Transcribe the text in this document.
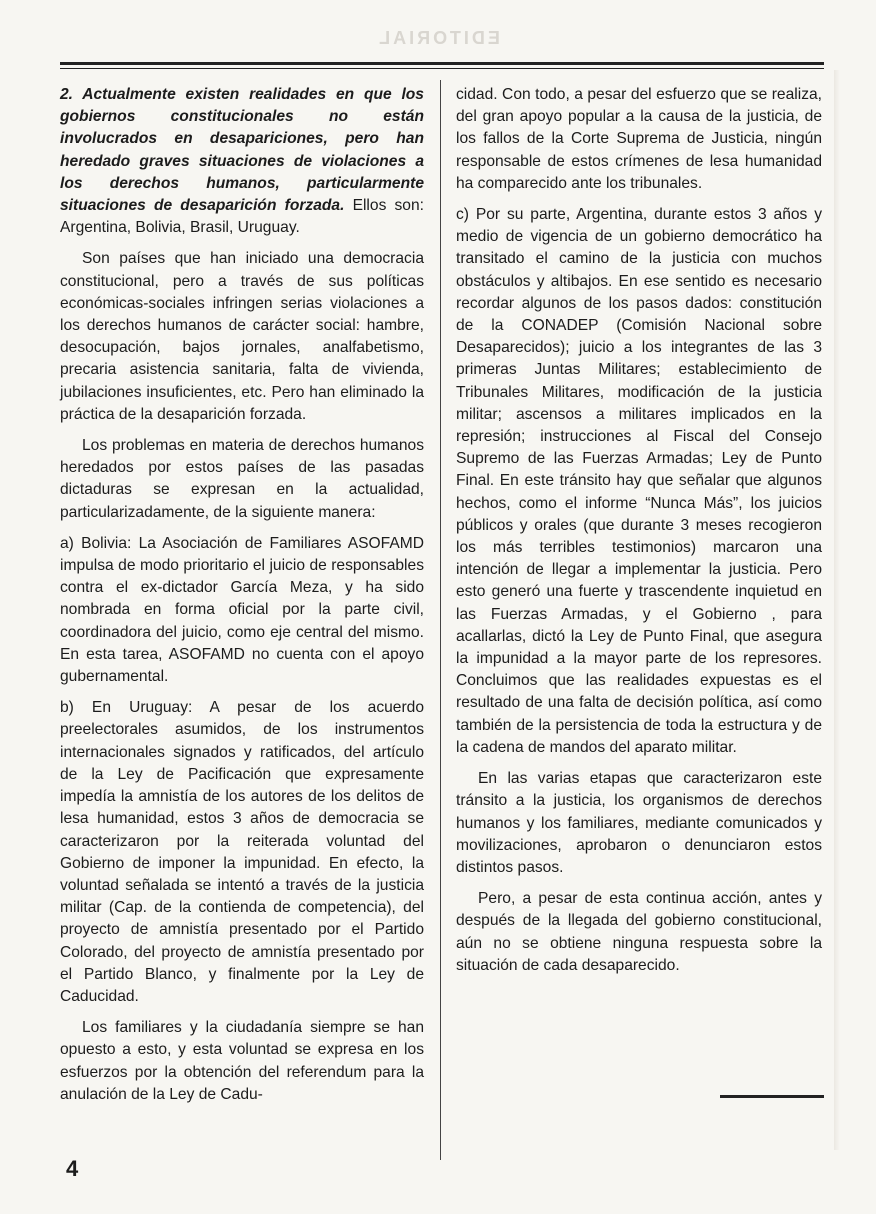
EDITORIAL

2. Actualmente existen realidades en que los gobiernos constitucionales no están involucrados en desapariciones, pero han heredado graves situaciones de violaciones a los derechos humanos, particularmente situaciones de desaparición forzada. Ellos son: Argentina, Bolivia, Brasil, Uruguay.

Son países que han iniciado una democracia constitucional, pero a través de sus políticas económicas-sociales infringen serias violaciones a los derechos humanos de carácter social: hambre, desocupación, bajos jornales, analfabetismo, precaria asistencia sanitaria, falta de vivienda, jubilaciones insuficientes, etc. Pero han eliminado la práctica de la desaparición forzada.

Los problemas en materia de derechos humanos heredados por estos países de las pasadas dictaduras se expresan en la actualidad, particularizadamente, de la siguiente manera:

a) Bolivia: La Asociación de Familiares ASOFAMD impulsa de modo prioritario el juicio de responsables contra el ex-dictador García Meza, y ha sido nombrada en forma oficial por la parte civil, coordinadora del juicio, como eje central del mismo. En esta tarea, ASOFAMD no cuenta con el apoyo gubernamental.

b) En Uruguay: A pesar de los acuerdo preelectorales asumidos, de los instrumentos internacionales signados y ratificados, del artículo de la Ley de Pacificación que expresamente impedía la amnistía de los autores de los delitos de lesa humanidad, estos 3 años de democracia se caracterizaron por la reiterada voluntad del Gobierno de imponer la impunidad. En efecto, la voluntad señalada se intentó a través de la justicia militar (Cap. de la contienda de competencia), del proyecto de amnistía presentado por el Partido Colorado, del proyecto de amnistía presentado por el Partido Blanco, y finalmente por la Ley de Caducidad.

Los familiares y la ciudadanía siempre se han opuesto a esto, y esta voluntad se expresa en los esfuerzos por la obtención del referendum para la anulación de la Ley de Cadu-

cidad. Con todo, a pesar del esfuerzo que se realiza, del gran apoyo popular a la causa de la justicia, de los fallos de la Corte Suprema de Justicia, ningún responsable de estos crímenes de lesa humanidad ha comparecido ante los tribunales.

c) Por su parte, Argentina, durante estos 3 años y medio de vigencia de un gobierno democrático ha transitado el camino de la justicia con muchos obstáculos y altibajos. En ese sentido es necesario recordar algunos de los pasos dados: constitución de la CONADEP (Comisión Nacional sobre Desaparecidos); juicio a los integrantes de las 3 primeras Juntas Militares; establecimiento de Tribunales Militares, modificación de la justicia militar; ascensos a militares implicados en la represión; instrucciones al Fiscal del Consejo Supremo de las Fuerzas Armadas; Ley de Punto Final. En este tránsito hay que señalar que algunos hechos, como el informe “Nunca Más”, los juicios públicos y orales (que durante 3 meses recogieron los más terribles testimonios) marcaron una intención de llegar a implementar la justicia. Pero esto generó una fuerte y trascendente inquietud en las Fuerzas Armadas, y el Gobierno , para acallarlas, dictó la Ley de Punto Final, que asegura la impunidad a la mayor parte de los represores. Concluimos que las realidades expuestas es el resultado de una falta de decisión política, así como también de la persistencia de toda la estructura y de la cadena de mandos del aparato militar.

En las varias etapas que caracterizaron este tránsito a la justicia, los organismos de derechos humanos y los familiares, mediante comunicados y movilizaciones, aprobaron o denunciaron estos distintos pasos.

Pero, a pesar de esta continua acción, antes y después de la llegada del gobierno constitucional, aún no se obtiene ninguna respuesta sobre la situación de cada desaparecido.

4
